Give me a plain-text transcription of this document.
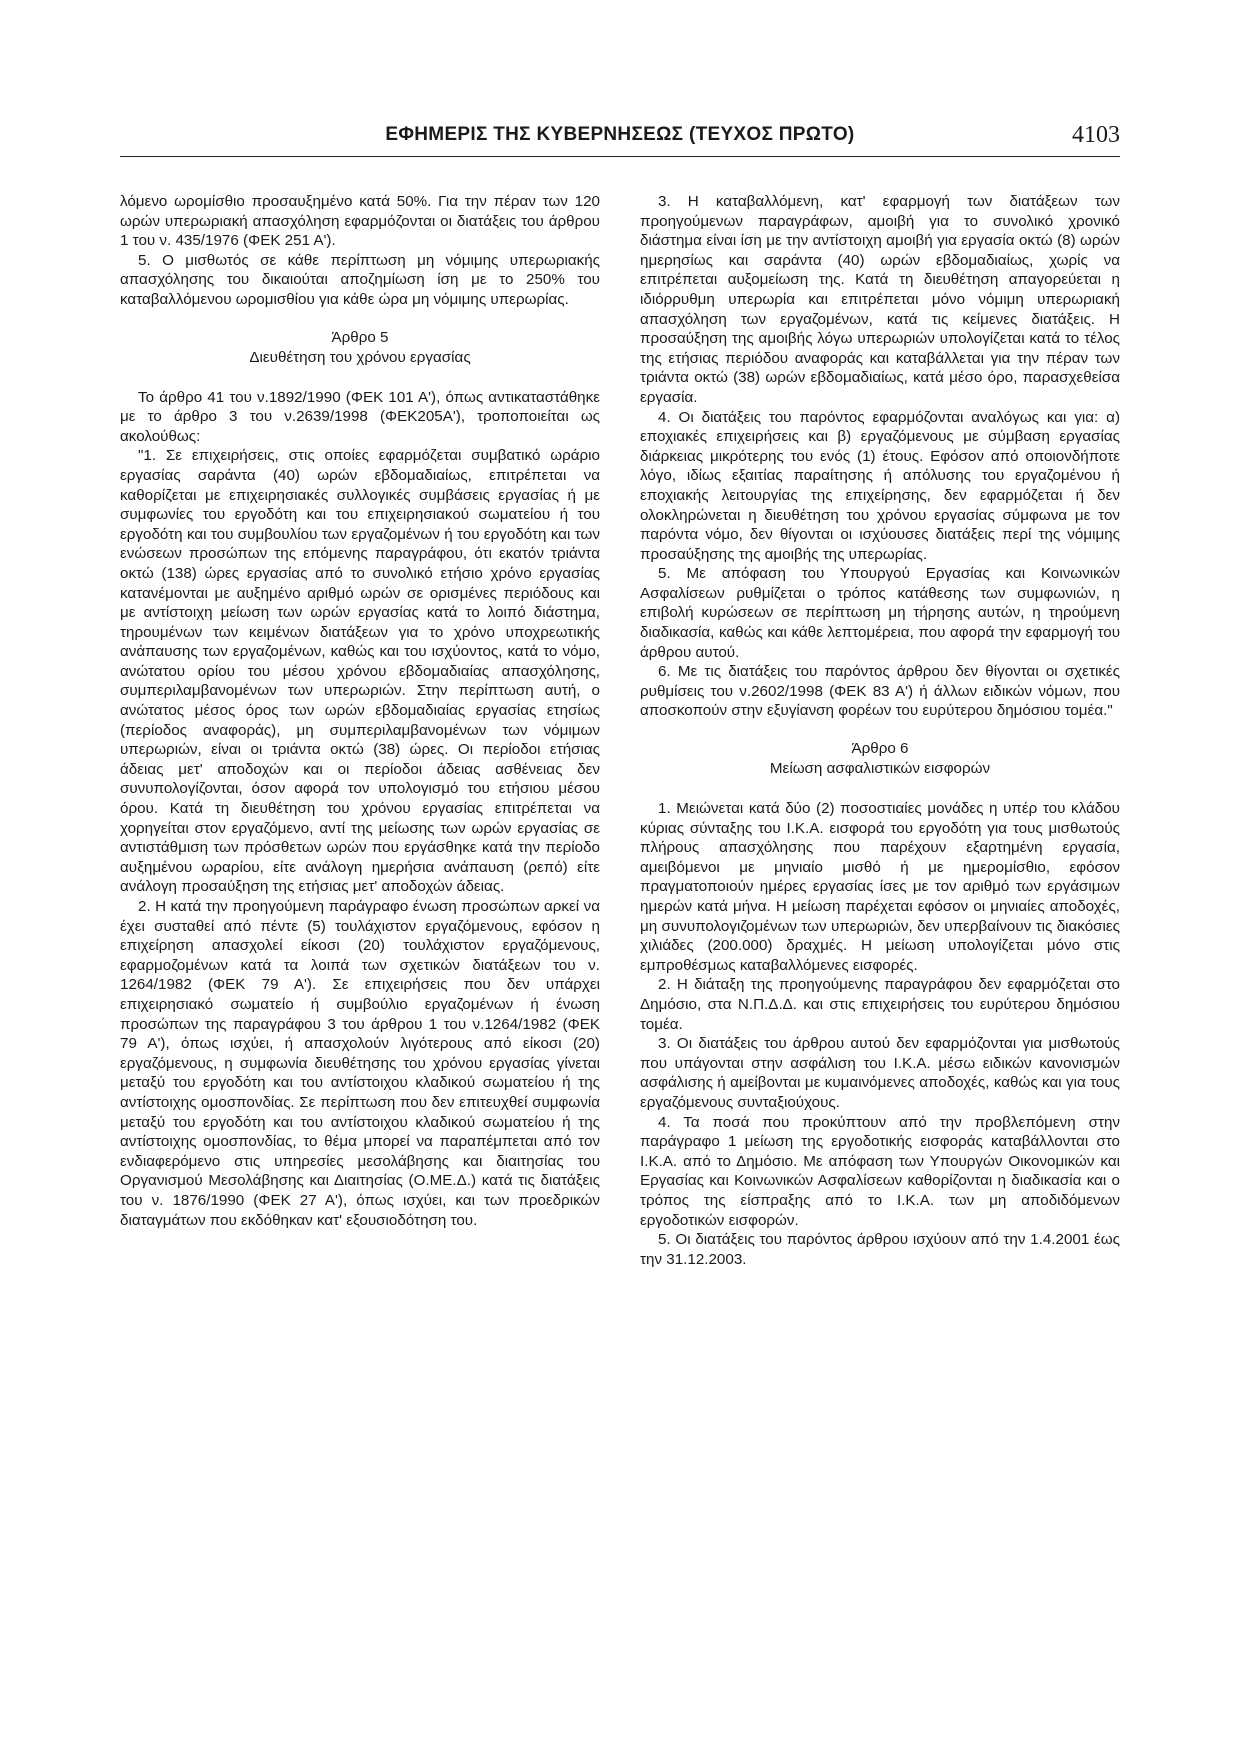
ΕΦΗΜΕΡΙΣ ΤΗΣ ΚΥΒΕΡΝΗΣΕΩΣ (ΤΕΥΧΟΣ ΠΡΩΤΟ)	4103

λόμενο ωρομίσθιο προσαυξημένο κατά 50%. Για την πέραν των 120 ωρών υπερωριακή απασχόληση εφαρμόζονται οι διατάξεις του άρθρου 1 του ν. 435/1976 (ΦΕΚ 251 Α').

5. Ο μισθωτός σε κάθε περίπτωση μη νόμιμης υπερωριακής απασχόλησης του δικαιούται αποζημίωση ίση με το 250% του καταβαλλόμενου ωρομισθίου για κάθε ώρα μη νόμιμης υπερωρίας.

Άρθρο 5
Διευθέτηση του χρόνου εργασίας

Το άρθρο 41 του ν.1892/1990 (ΦΕΚ 101 Α'), όπως αντικαταστάθηκε με το άρθρο 3 του ν.2639/1998 (ΦΕΚ205Α'), τροποποιείται ως ακολούθως:

"1. Σε επιχειρήσεις, στις οποίες εφαρμόζεται συμβατικό ωράριο εργασίας σαράντα (40) ωρών εβδομαδιαίως, επιτρέπεται να καθορίζεται με επιχειρησιακές συλλογικές συμβάσεις εργασίας ή με συμφωνίες του εργοδότη και του επιχειρησιακού σωματείου ή του εργοδότη και του συμβουλίου των εργαζομένων ή του εργοδότη και των ενώσεων προσώπων της επόμενης παραγράφου, ότι εκατόν τριάντα οκτώ (138) ώρες εργασίας από το συνολικό ετήσιο χρόνο εργασίας κατανέμονται με αυξημένο αριθμό ωρών σε ορισμένες περιόδους και με αντίστοιχη μείωση των ωρών εργασίας κατά το λοιπό διάστημα, τηρουμένων των κειμένων διατάξεων για το χρόνο υποχρεωτικής ανάπαυσης των εργαζομένων, καθώς και του ισχύοντος, κατά το νόμο, ανώτατου ορίου του μέσου χρόνου εβδομαδιαίας απασχόλησης, συμπεριλαμβανομένων των υπερωριών. Στην περίπτωση αυτή, ο ανώτατος μέσος όρος των ωρών εβδομαδιαίας εργασίας ετησίως (περίοδος αναφοράς), μη συμπεριλαμβανομένων των νόμιμων υπερωριών, είναι οι τριάντα οκτώ (38) ώρες. Οι περίοδοι ετήσιας άδειας μετ' αποδοχών και οι περίοδοι άδειας ασθένειας δεν συνυπολογίζονται, όσον αφορά τον υπολογισμό του ετήσιου μέσου όρου. Κατά τη διευθέτηση του χρόνου εργασίας επιτρέπεται να χορηγείται στον εργαζόμενο, αντί της μείωσης των ωρών εργασίας σε αντιστάθμιση των πρόσθετων ωρών που εργάσθηκε κατά την περίοδο αυξημένου ωραρίου, είτε ανάλογη ημερήσια ανάπαυση (ρεπό) είτε ανάλογη προσαύξηση της ετήσιας μετ' αποδοχών άδειας.

2. Η κατά την προηγούμενη παράγραφο ένωση προσώπων αρκεί να έχει συσταθεί από πέντε (5) τουλάχιστον εργαζόμενους, εφόσον η επιχείρηση απασχολεί είκοσι (20) τουλάχιστον εργαζόμενους, εφαρμοζομένων κατά τα λοιπά των σχετικών διατάξεων του ν. 1264/1982 (ΦΕΚ 79 Α'). Σε επιχειρήσεις που δεν υπάρχει επιχειρησιακό σωματείο ή συμβούλιο εργαζομένων ή ένωση προσώπων της παραγράφου 3 του άρθρου 1 του ν.1264/1982 (ΦΕΚ 79 Α'), όπως ισχύει, ή απασχολούν λιγότερους από είκοσι (20) εργαζόμενους, η συμφωνία διευθέτησης του χρόνου εργασίας γίνεται μεταξύ του εργοδότη και του αντίστοιχου κλαδικού σωματείου ή της αντίστοιχης ομοσπονδίας. Σε περίπτωση που δεν επιτευχθεί συμφωνία μεταξύ του εργοδότη και του αντίστοιχου κλαδικού σωματείου ή της αντίστοιχης ομοσπονδίας, το θέμα μπορεί να παραπέμπεται από τον ενδιαφερόμενο στις υπηρεσίες μεσολάβησης και διαιτησίας του Οργανισμού Μεσολάβησης και Διαιτησίας (Ο.ΜΕ.Δ.) κατά τις διατάξεις του ν. 1876/1990 (ΦΕΚ 27 Α'), όπως ισχύει, και των προεδρικών διαταγμάτων που εκδόθηκαν κατ' εξουσιοδότηση του.

3. Η καταβαλλόμενη, κατ' εφαρμογή των διατάξεων των προηγούμενων παραγράφων, αμοιβή για το συνολικό χρονικό διάστημα είναι ίση με την αντίστοιχη αμοιβή για εργασία οκτώ (8) ωρών ημερησίως και σαράντα (40) ωρών εβδομαδιαίως, χωρίς να επιτρέπεται αυξομείωση της. Κατά τη διευθέτηση απαγορεύεται η ιδιόρρυθμη υπερωρία και επιτρέπεται μόνο νόμιμη υπερωριακή απασχόληση των εργαζομένων, κατά τις κείμενες διατάξεις. Η προσαύξηση της αμοιβής λόγω υπερωριών υπολογίζεται κατά το τέλος της ετήσιας περιόδου αναφοράς και καταβάλλεται για την πέραν των τριάντα οκτώ (38) ωρών εβδομαδιαίως, κατά μέσο όρο, παρασχεθείσα εργασία.

4. Οι διατάξεις του παρόντος εφαρμόζονται αναλόγως και για: α) εποχιακές επιχειρήσεις και β) εργαζόμενους με σύμβαση εργασίας διάρκειας μικρότερης του ενός (1) έτους. Εφόσον από οποιονδήποτε λόγο, ιδίως εξαιτίας παραίτησης ή απόλυσης του εργαζομένου ή εποχιακής λειτουργίας της επιχείρησης, δεν εφαρμόζεται ή δεν ολοκληρώνεται η διευθέτηση του χρόνου εργασίας σύμφωνα με τον παρόντα νόμο, δεν θίγονται οι ισχύουσες διατάξεις περί της νόμιμης προσαύξησης της αμοιβής της υπερωρίας.

5. Με απόφαση του Υπουργού Εργασίας και Κοινωνικών Ασφαλίσεων ρυθμίζεται ο τρόπος κατάθεσης των συμφωνιών, η επιβολή κυρώσεων σε περίπτωση μη τήρησης αυτών, η τηρούμενη διαδικασία, καθώς και κάθε λεπτομέρεια, που αφορά την εφαρμογή του άρθρου αυτού.

6. Με τις διατάξεις του παρόντος άρθρου δεν θίγονται οι σχετικές ρυθμίσεις του ν.2602/1998 (ΦΕΚ 83 Α') ή άλλων ειδικών νόμων, που αποσκοπούν στην εξυγίανση φορέων του ευρύτερου δημόσιου τομέα."

Άρθρο 6
Μείωση ασφαλιστικών εισφορών

1. Μειώνεται κατά δύο (2) ποσοστιαίες μονάδες η υπέρ του κλάδου κύριας σύνταξης του Ι.Κ.Α. εισφορά του εργοδότη για τους μισθωτούς πλήρους απασχόλησης που παρέχουν εξαρτημένη εργασία, αμειβόμενοι με μηνιαίο μισθό ή με ημερομίσθιο, εφόσον πραγματοποιούν ημέρες εργασίας ίσες με τον αριθμό των εργάσιμων ημερών κατά μήνα. Η μείωση παρέχεται εφόσον οι μηνιαίες αποδοχές, μη συνυπολογιζομένων των υπερωριών, δεν υπερβαίνουν τις διακόσιες χιλιάδες (200.000) δραχμές. Η μείωση υπολογίζεται μόνο στις εμπροθέσμως καταβαλλόμενες εισφορές.

2. Η διάταξη της προηγούμενης παραγράφου δεν εφαρμόζεται στο Δημόσιο, στα Ν.Π.Δ.Δ. και στις επιχειρήσεις του ευρύτερου δημόσιου τομέα.

3. Οι διατάξεις του άρθρου αυτού δεν εφαρμόζονται για μισθωτούς που υπάγονται στην ασφάλιση του Ι.Κ.Α. μέσω ειδικών κανονισμών ασφάλισης ή αμείβονται με κυμαινόμενες αποδοχές, καθώς και για τους εργαζόμενους συνταξιούχους.

4. Τα ποσά που προκύπτουν από την προβλεπόμενη στην παράγραφο 1 μείωση της εργοδοτικής εισφοράς καταβάλλονται στο Ι.Κ.Α. από το Δημόσιο. Με απόφαση των Υπουργών Οικονομικών και Εργασίας και Κοινωνικών Ασφαλίσεων καθορίζονται η διαδικασία και ο τρόπος της είσπραξης από το Ι.Κ.Α. των μη αποδιδόμενων εργοδοτικών εισφορών.

5. Οι διατάξεις του παρόντος άρθρου ισχύουν από την 1.4.2001 έως την 31.12.2003.
